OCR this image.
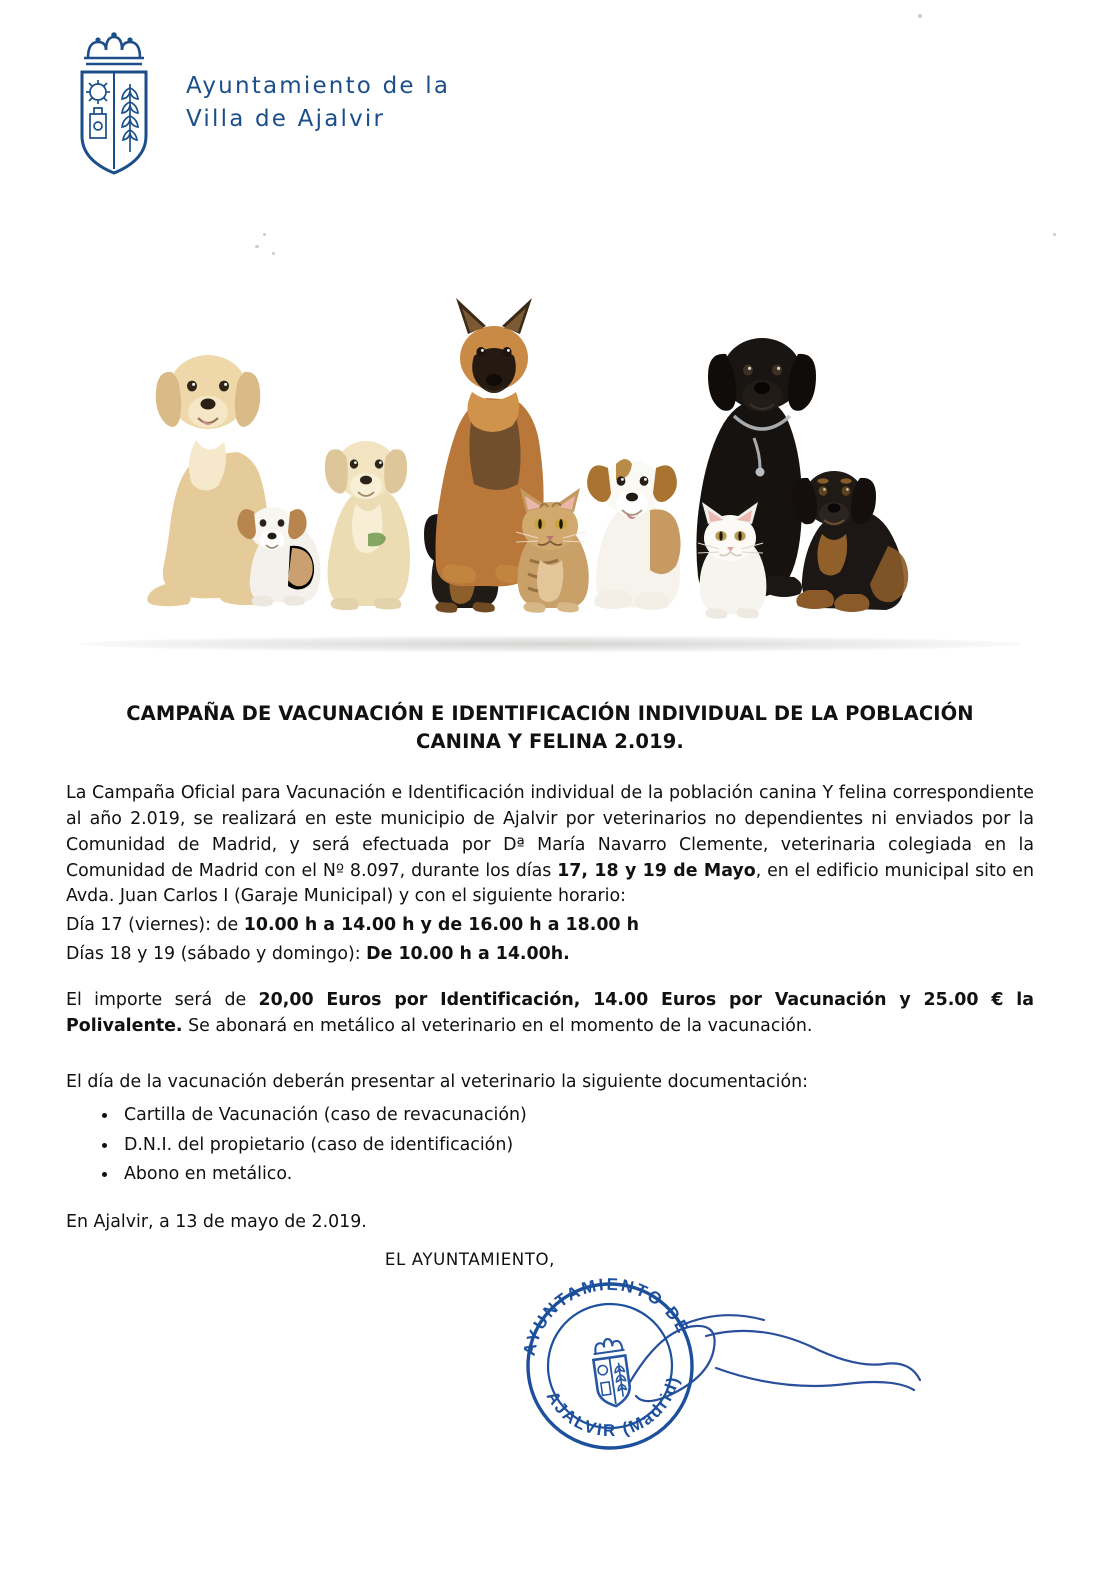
Ayuntamiento de la
Villa de Ajalvir
CAMPAÑA DE VACUNACIÓN E IDENTIFICACIÓN INDIVIDUAL DE LA POBLACIÓN CANINA Y FELINA 2.019.

La Campaña Oficial para Vacunación e Identificación individual de la población canina Y felina correspondiente al año 2.019, se realizará en este municipio de Ajalvir por veterinarios no dependientes ni enviados por la Comunidad de Madrid, y será efectuada por Dª María Navarro Clemente, veterinaria colegiada en la Comunidad de Madrid con el Nº 8.097, durante los días 17, 18 y 19 de Mayo, en el edificio municipal sito en Avda. Juan Carlos I (Garaje Municipal) y con el siguiente horario:

Día 17 (viernes): de 10.00 h a 14.00 h y de 16.00 h a 18.00 h

Días 18 y 19 (sábado y domingo): De 10.00 h a 14.00h.

El importe será de 20,00 Euros por Identificación, 14.00 Euros por Vacunación y 25.00 € la Polivalente. Se abonará en metálico al veterinario en el momento de la vacunación.

El día de la vacunación deberán presentar al veterinario la siguiente documentación:

Cartilla de Vacunación (caso de revacunación)
D.N.I. del propietario (caso de identificación)
Abono en metálico.

En Ajalvir, a 13 de mayo de 2.019.

EL AYUNTAMIENTO,

AYUNTAMIENTO DE
AJALVIR (Madrid)
